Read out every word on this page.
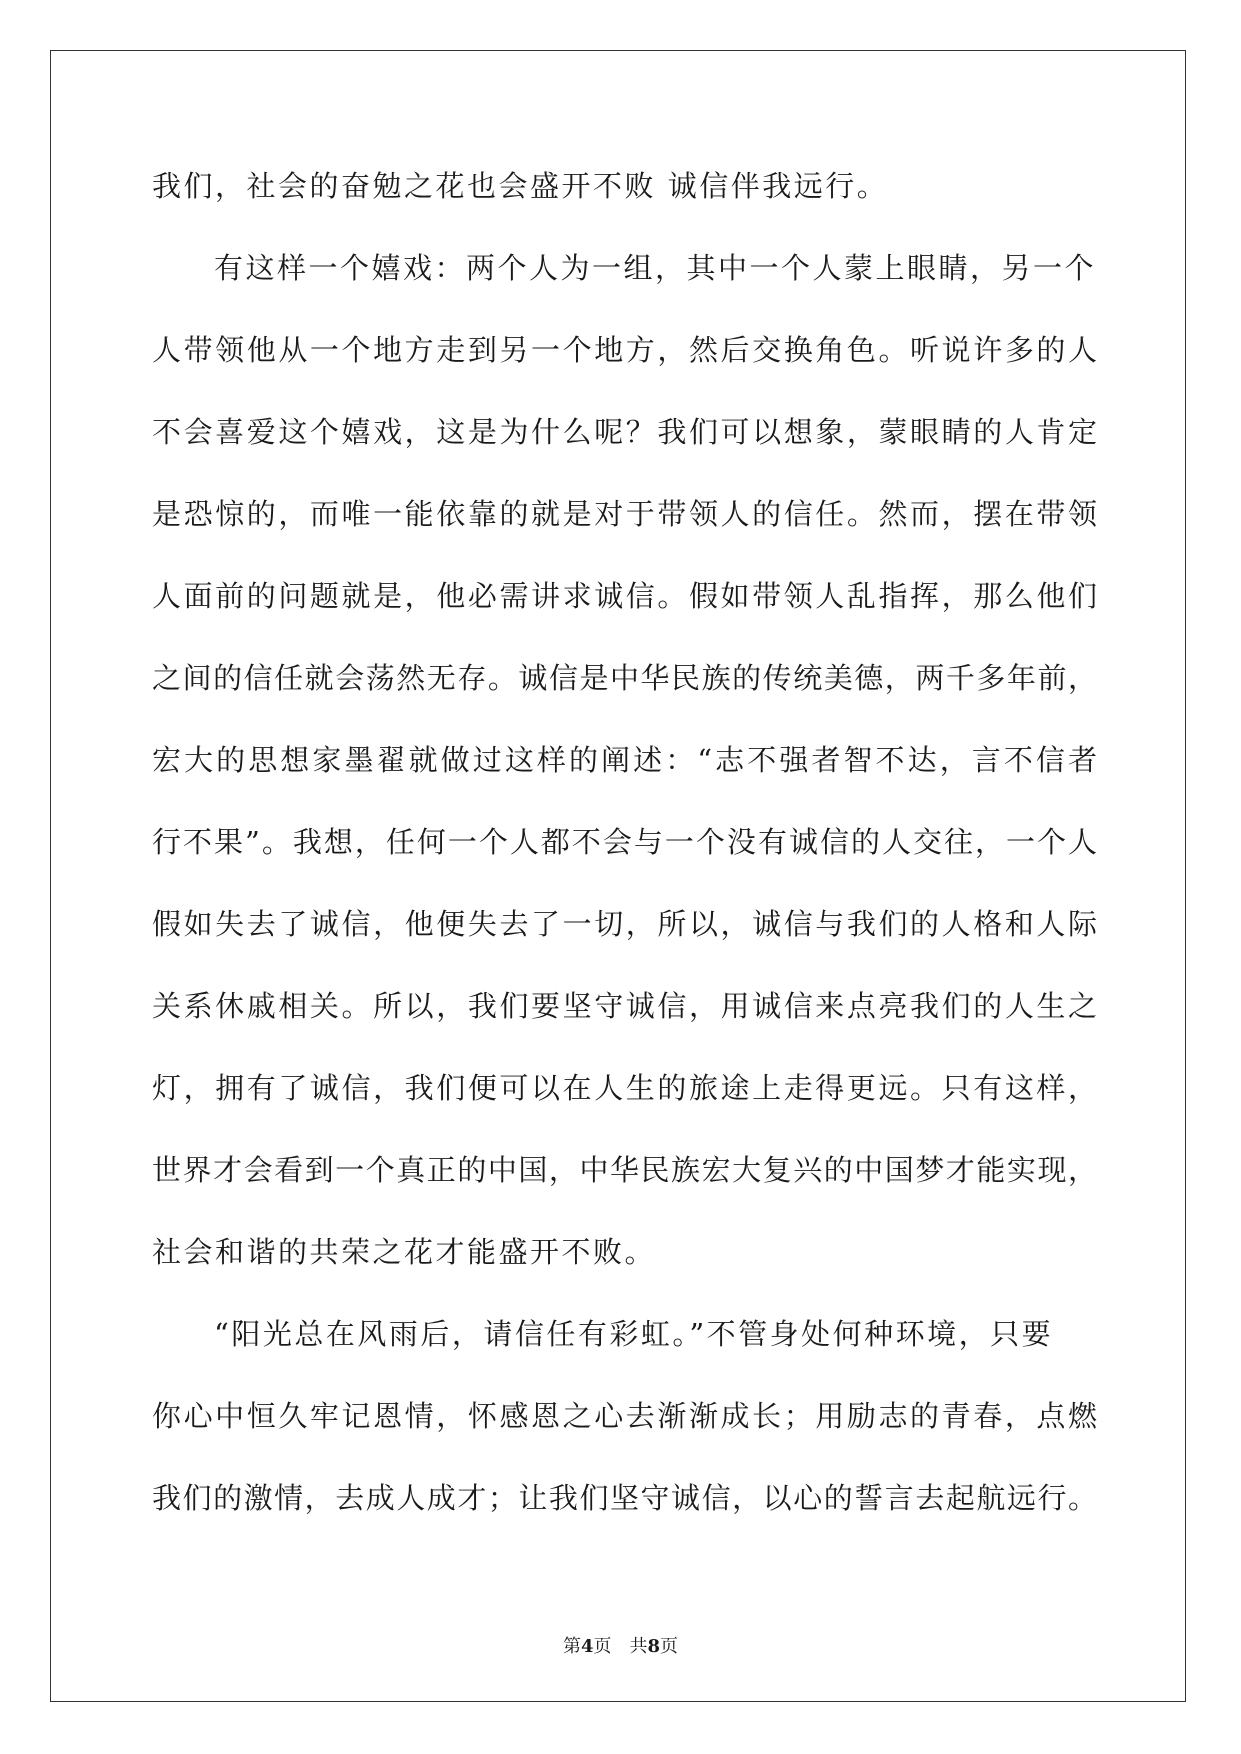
我们，社会的奋勉之花也会盛开不败 诚信伴我远行。
有这样一个嬉戏：两个人为一组，其中一个人蒙上眼睛，另一个
人带领他从一个地方走到另一个地方，然后交换角色。听说许多的人
不会喜爱这个嬉戏，这是为什么呢？我们可以想象，蒙眼睛的人肯定
是恐惊的，而唯一能依靠的就是对于带领人的信任。然而，摆在带领
人面前的问题就是，他必需讲求诚信。假如带领人乱指挥，那么他们
之间的信任就会荡然无存。诚信是中华民族的传统美德，两千多年前，
宏大的思想家墨翟就做过这样的阐述：“志不强者智不达，言不信者
行不果”。我想，任何一个人都不会与一个没有诚信的人交往，一个人
假如失去了诚信，他便失去了一切，所以，诚信与我们的人格和人际
关系休戚相关。所以，我们要坚守诚信，用诚信来点亮我们的人生之
灯，拥有了诚信，我们便可以在人生的旅途上走得更远。只有这样，
世界才会看到一个真正的中国，中华民族宏大复兴的中国梦才能实现，
社会和谐的共荣之花才能盛开不败。
“阳光总在风雨后，请信任有彩虹。”不管身处何种环境，只要
你心中恒久牢记恩情，怀感恩之心去渐渐成长；用励志的青春，点燃
我们的激情，去成人成才；让我们坚守诚信，以心的誓言去起航远行。
第4页　共8页
